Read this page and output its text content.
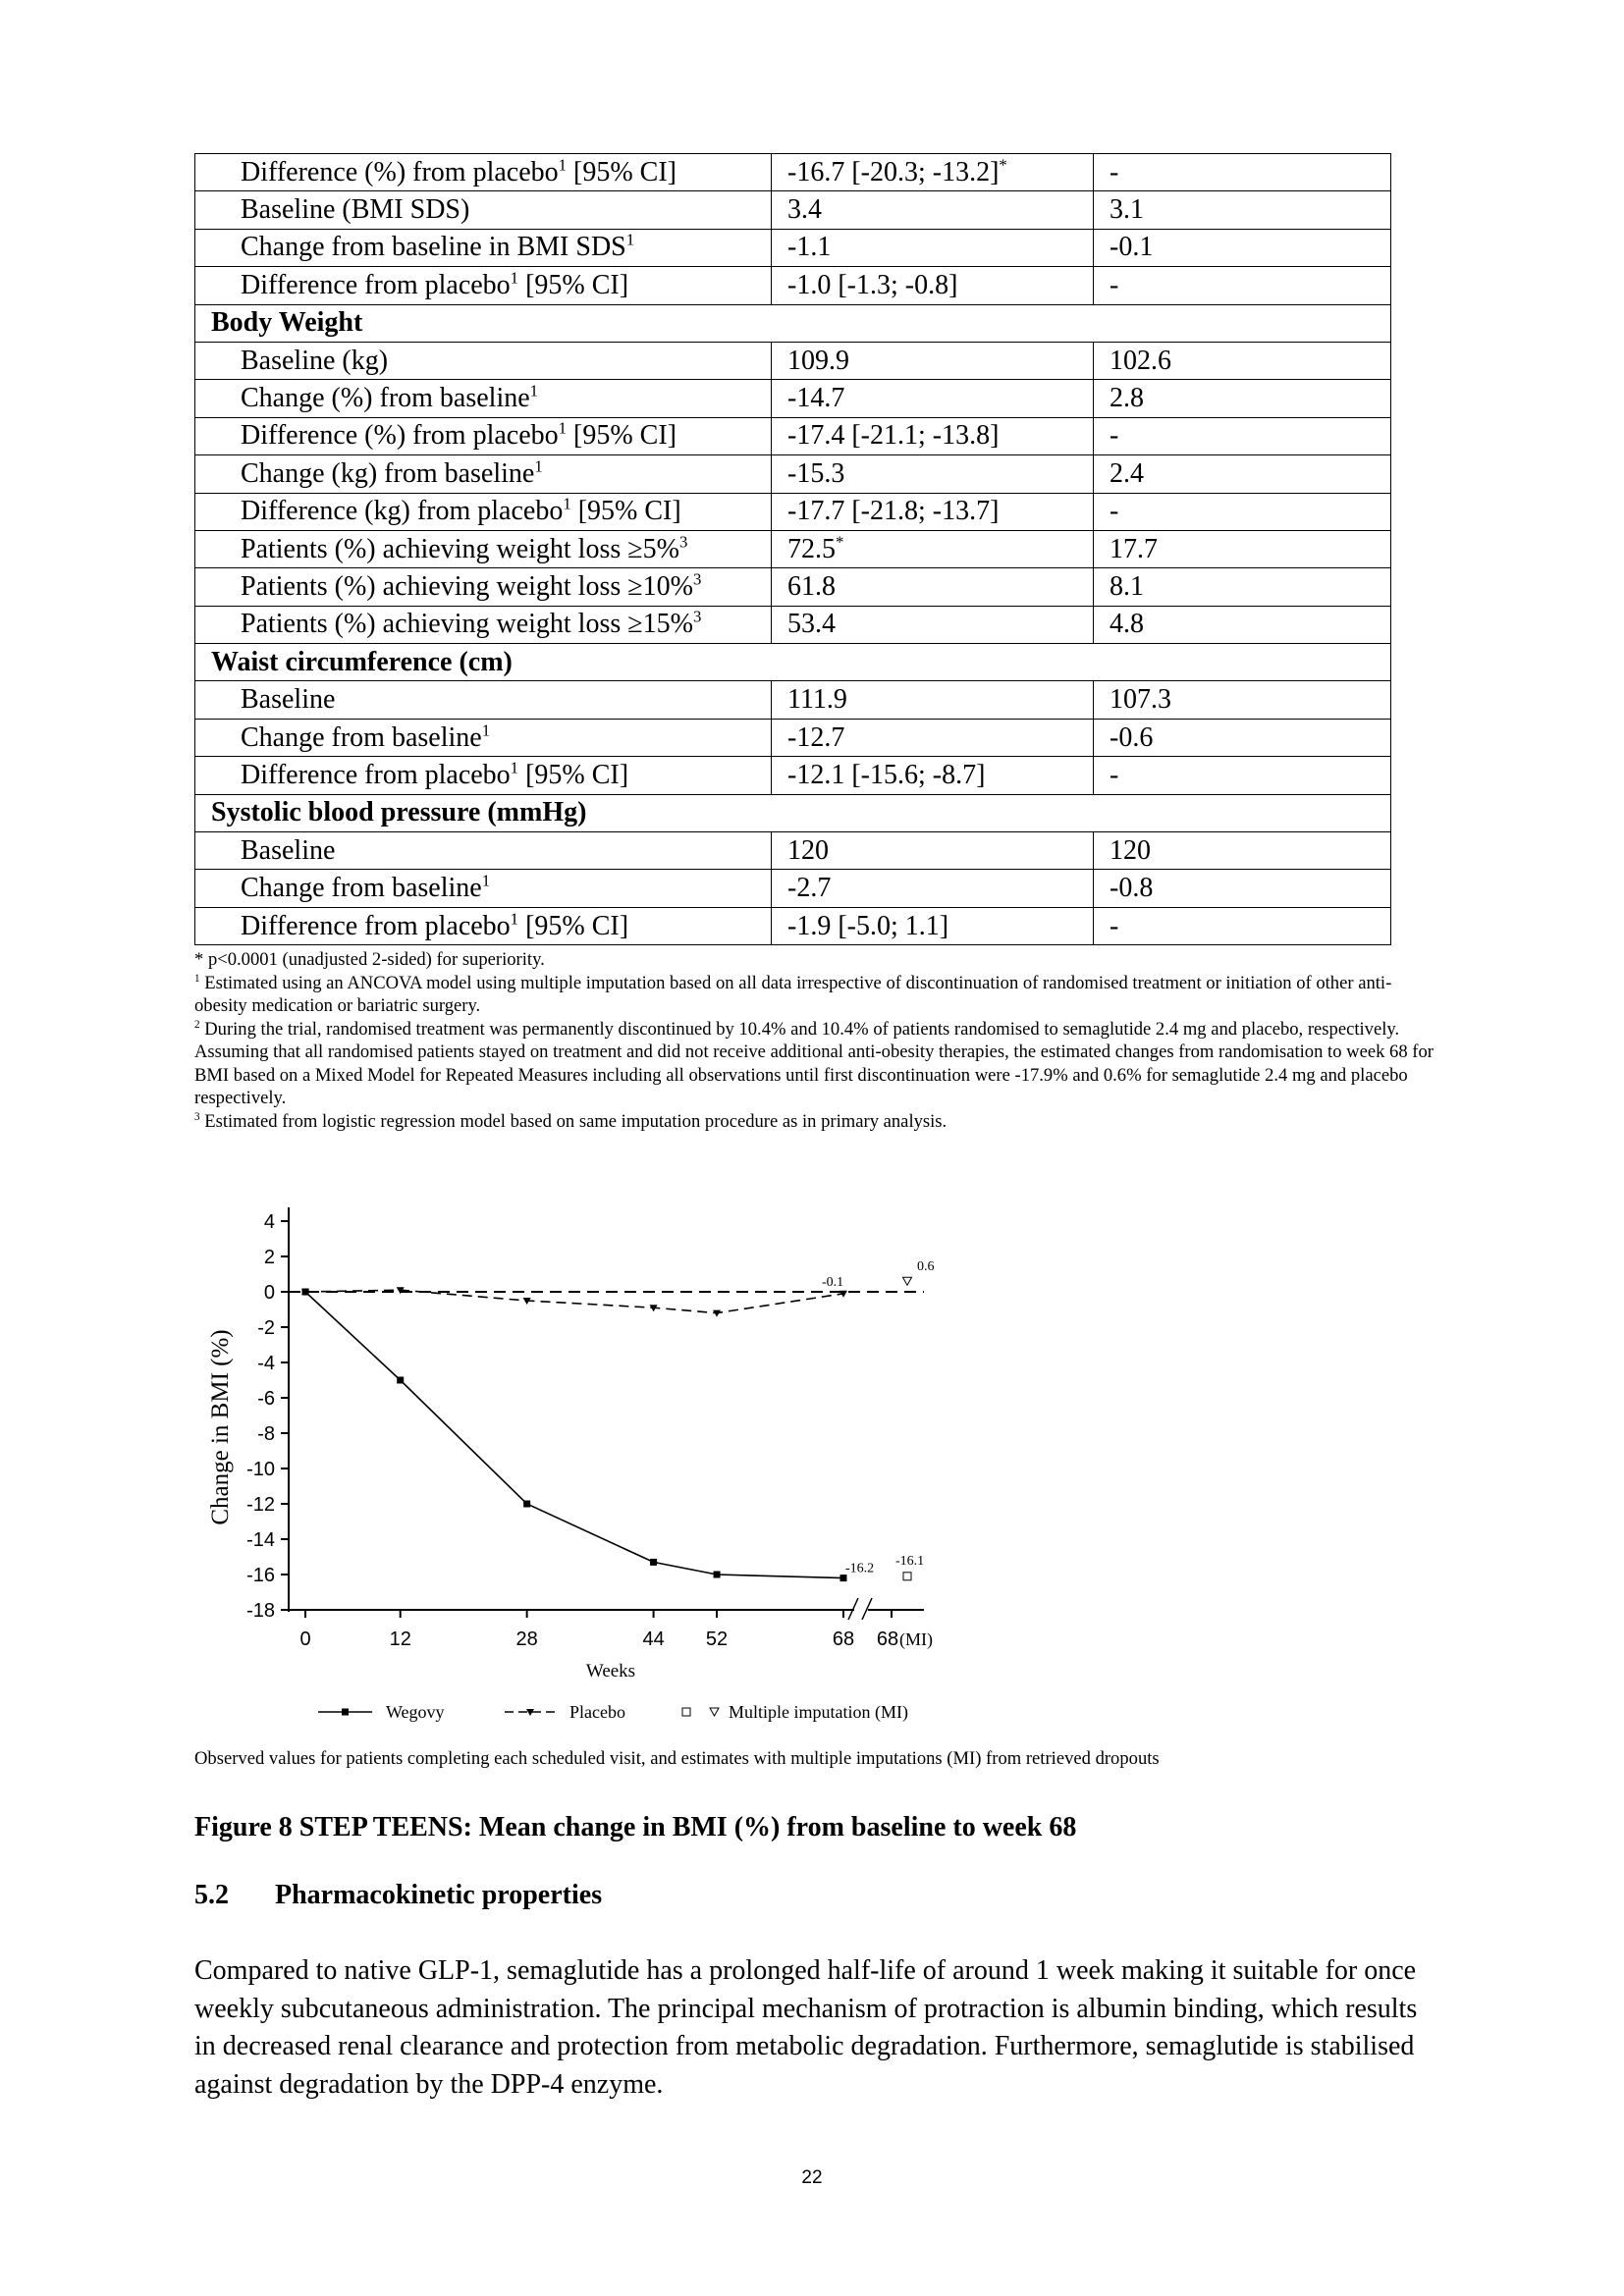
Difference (%) from placebo$^1$ [95% CI]	-16.7 [-20.3; -13.2]*	-
Baseline (BMI SDS)	3.4	3.1
Change from baseline in BMI SDS$^1$	-1.1	-0.1
Difference from placebo$^1$ [95% CI]	-1.0 [-1.3; -0.8]	-
Body Weight		
Baseline (kg)	109.9	102.6
Change (%) from baseline$^1$	-14.7	2.8
Difference (%) from placebo$^1$ [95% CI]	-17.4 [-21.1; -13.8]	-
Change (kg) from baseline$^1$	-15.3	2.4
Difference (kg) from placebo$^1$ [95% CI]	-17.7 [-21.8; -13.7]	-
Patients (%) achieving weight loss ≥5%$^3$	72.5*	17.7
Patients (%) achieving weight loss ≥10%$^3$	61.8	8.1
Patients (%) achieving weight loss ≥15%$^3$	53.4	4.8
Waist circumference (cm)		
Baseline	111.9	107.3
Change from baseline$^1$	-12.7	-0.6
Difference from placebo$^1$ [95% CI]	-12.1 [-15.6; -8.7]	-
Systolic blood pressure (mmHg)		
Baseline	120	120
Change from baseline$^1$	-2.7	-0.8
Difference from placebo$^1$ [95% CI]	-1.9 [-5.0; 1.1]	-

* p<0.0001 (unadjusted 2-sided) for superiority.

$^1$ Estimated using an ANCOVA model using multiple imputation based on all data irrespective of discontinuation of randomised treatment or initiation of other anti-obesity medication or bariatric surgery.

$^2$ During the trial, randomised treatment was permanently discontinued by 10.4% and 10.4% of patients randomised to semaglutide 2.4 mg and placebo, respectively. Assuming that all randomised patients stayed on treatment and did not receive additional anti-obesity therapies, the estimated changes from randomisation to week 68 for BMI based on a Mixed Model for Repeated Measures including all observations until first discontinuation were -17.9% and 0.6% for semaglutide 2.4 mg and placebo respectively.

$^3$ Estimated from logistic regression model based on same imputation procedure as in primary analysis.

4
2
0
-2
-4
-6
-8
-10
-12
-14
-16
-18
0	12	28	44 52	68 68 (MI)
Weeks
Change in BMI (%)
-0.1
0.6
-16.2
-16.1
Wegovy	Placebo	Multiple imputation (MI)
Observed values for patients completing each scheduled visit, and estimates with multiple imputations (MI) from retrieved dropouts
Figure 8 STEP TEENS: Mean change in BMI (%) from baseline to week 68
5.2 Pharmacokinetic properties

Compared to native GLP-1, semaglutide has a prolonged half-life of around 1 week making it suitable for once weekly subcutaneous administration. The principal mechanism of protraction is albumin binding, which results in decreased renal clearance and protection from metabolic degradation. Furthermore, semaglutide is stabilised against degradation by the DPP-4 enzyme.

22
